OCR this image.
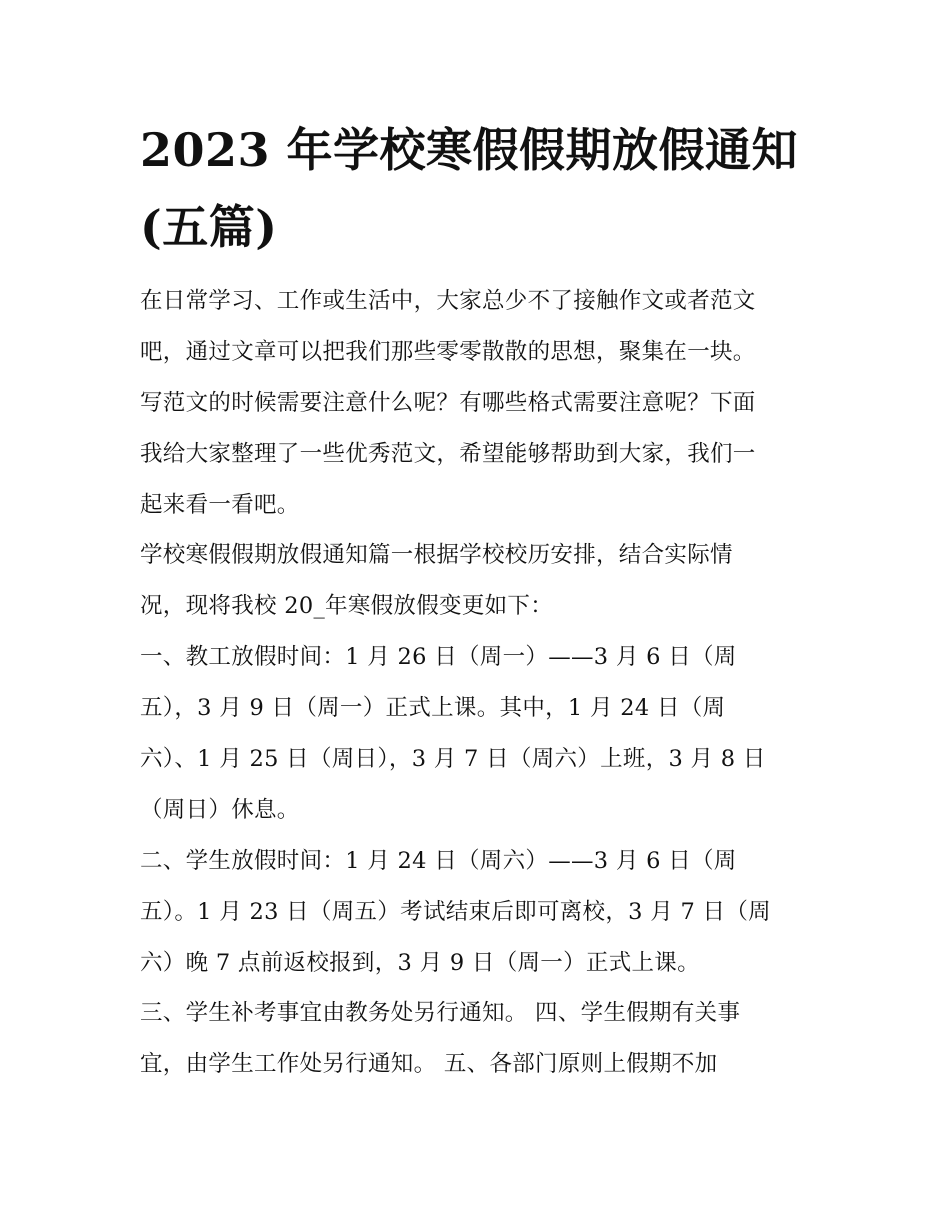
2023 年学校寒假假期放假通知
(五篇)
在日常学习、工作或生活中，大家总少不了接触作文或者范文
吧，通过文章可以把我们那些零零散散的思想，聚集在一块。
写范文的时候需要注意什么呢？有哪些格式需要注意呢？下面
我给大家整理了一些优秀范文，希望能够帮助到大家，我们一
起来看一看吧。
学校寒假假期放假通知篇一根据学校校历安排，结合实际情
况，现将我校 20_年寒假放假变更如下：
一、教工放假时间：1 月 26 日（周一）——3 月 6 日（周
五），3 月 9 日（周一）正式上课。其中，1 月 24 日（周
六）、1 月 25 日（周日），3 月 7 日（周六）上班，3 月 8 日
（周日）休息。
二、学生放假时间：1 月 24 日（周六）——3 月 6 日（周
五）。1 月 23 日（周五）考试结束后即可离校，3 月 7 日（周
六）晚 7 点前返校报到，3 月 9 日（周一）正式上课。
三、学生补考事宜由教务处另行通知。 四、学生假期有关事
宜，由学生工作处另行通知。 五、各部门原则上假期不加
